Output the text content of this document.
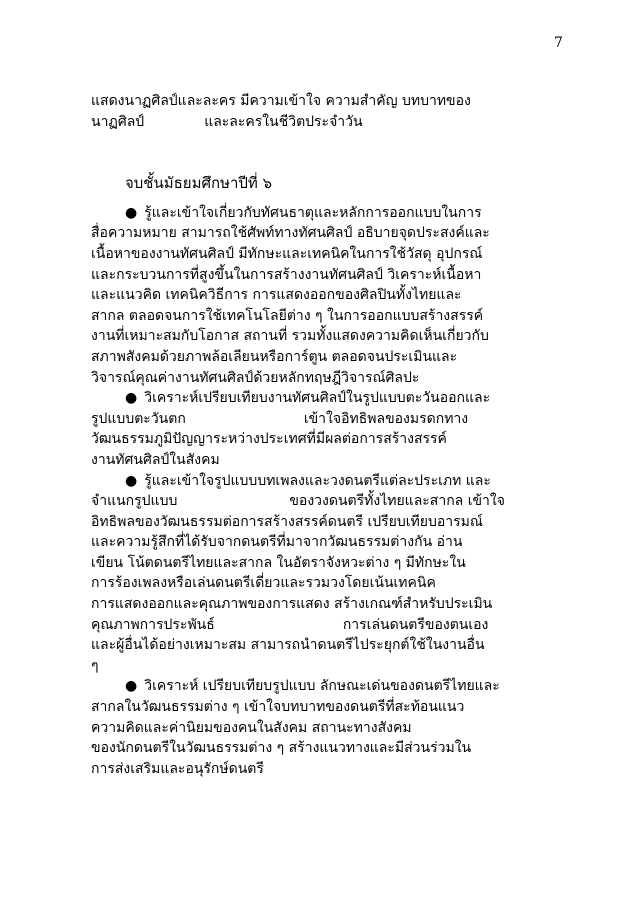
7
แสดงนาฏศิลป์และละคร มีความเข้าใจ ความสำคัญ บทบาทของ
นาฏศิลป์	และละครในชีวิตประจำวัน
จบชั้นมัธยมศึกษาปีที่ ๖
● รู้และเข้าใจเกี่ยวกับทัศนธาตุและหลักการออกแบบในการ
สื่อความหมาย สามารถใช้ศัพท์ทางทัศนศิลป์ อธิบายจุดประสงค์และ
เนื้อหาของงานทัศนศิลป์ มีทักษะและเทคนิคในการใช้วัสดุ อุปกรณ์
และกระบวนการที่สูงขึ้นในการสร้างงานทัศนศิลป์ วิเคราะห์เนื้อหา
และแนวคิด เทคนิควิธีการ การแสดงออกของศิลปินทั้งไทยและ
สากล ตลอดจนการใช้เทคโนโลยีต่าง ๆ ในการออกแบบสร้างสรรค์
งานที่เหมาะสมกับโอกาส สถานที่ รวมทั้งแสดงความคิดเห็นเกี่ยวกับ
สภาพสังคมด้วยภาพล้อเลียนหรือการ์ตูน ตลอดจนประเมินและ
วิจารณ์คุณค่างานทัศนศิลป์ด้วยหลักทฤษฎีวิจารณ์ศิลปะ
● วิเคราะห์เปรียบเทียบงานทัศนศิลป์ในรูปแบบตะวันออกและ
รูปแบบตะวันตก	เข้าใจอิทธิพลของมรดกทาง
วัฒนธรรมภูมิปัญญาระหว่างประเทศที่มีผลต่อการสร้างสรรค์
งานทัศนศิลป์ในสังคม
● รู้และเข้าใจรูปแบบบทเพลงและวงดนตรีแต่ละประเภท และ
จำแนกรูปแบบ	ของวงดนตรีทั้งไทยและสากล เข้าใจ
อิทธิพลของวัฒนธรรมต่อการสร้างสรรค์ดนตรี เปรียบเทียบอารมณ์
และความรู้สึกที่ได้รับจากดนตรีที่มาจากวัฒนธรรมต่างกัน อ่าน
เขียน โน้ตดนตรีไทยและสากล ในอัตราจังหวะต่าง ๆ มีทักษะใน
การร้องเพลงหรือเล่นดนตรีเดี่ยวและรวมวงโดยเน้นเทคนิค
การแสดงออกและคุณภาพของการแสดง สร้างเกณฑ์สำหรับประเมิน
คุณภาพการประพันธ์	การเล่นดนตรีของตนเอง
และผู้อื่นได้อย่างเหมาะสม สามารถนำดนตรีไประยุกต์ใช้ในงานอื่น
ๆ
● วิเคราะห์ เปรียบเทียบรูปแบบ ลักษณะเด่นของดนตรีไทยและ
สากลในวัฒนธรรมต่าง ๆ เข้าใจบทบาทของดนตรีที่สะท้อนแนว
ความคิดและค่านิยมของคนในสังคม สถานะทางสังคม
ของนักดนตรีในวัฒนธรรมต่าง ๆ สร้างแนวทางและมีส่วนร่วมใน
การส่งเสริมและอนุรักษ์ดนตรี
